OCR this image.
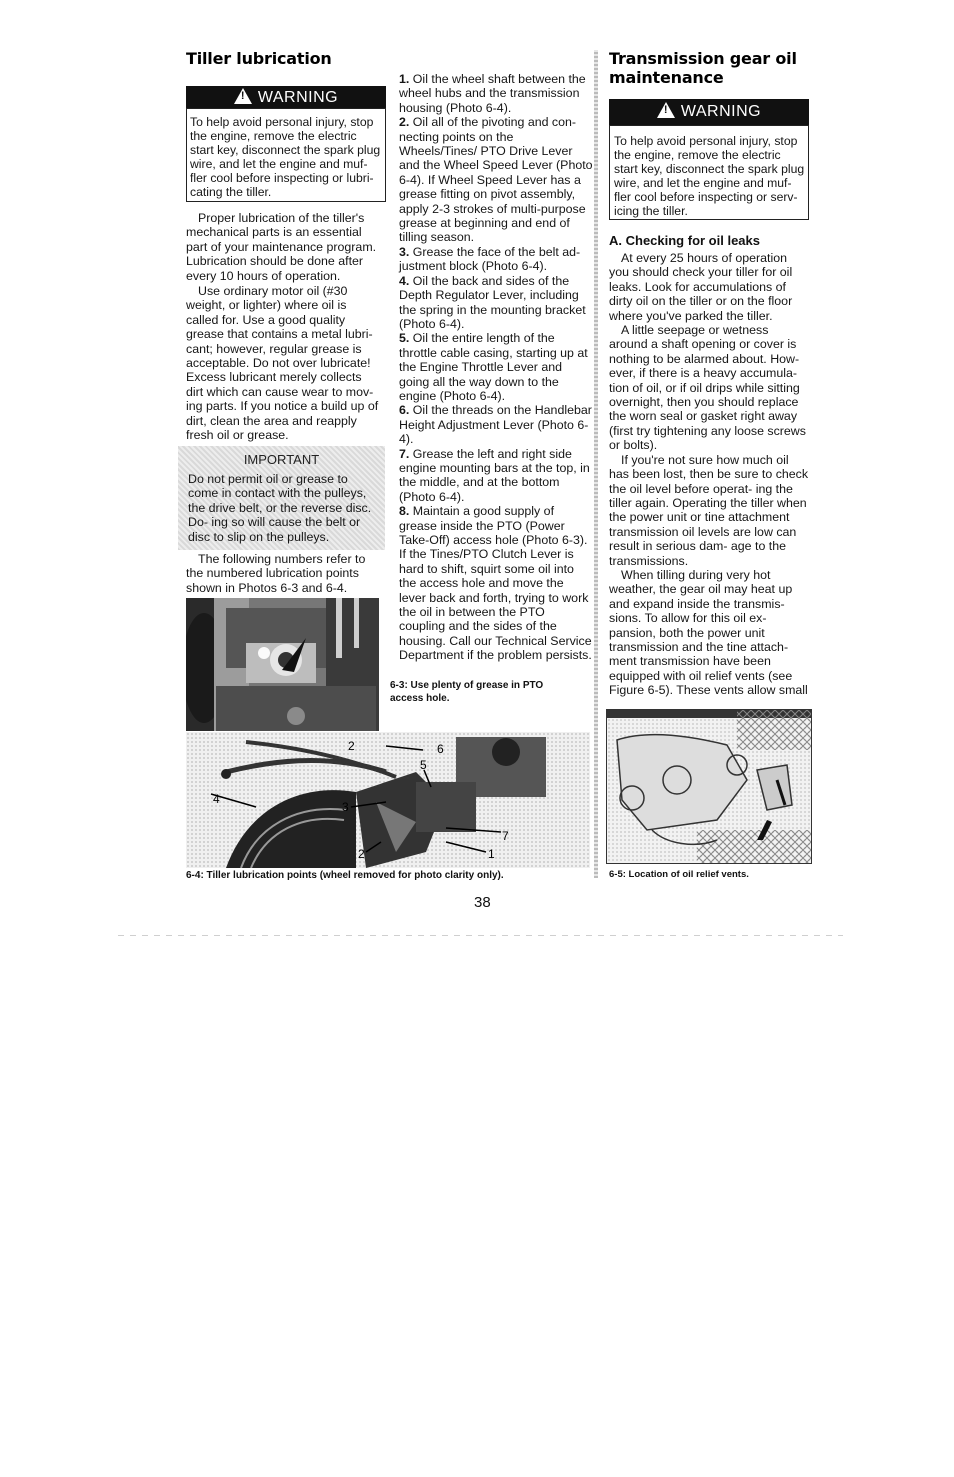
Tiller lubrication
!WARNING
To help avoid personal injury, stop the engine, remove the electric start key, disconnect the spark plug wire, and let the engine and muf- fler cool before inspecting or lubri- cating the tiller.

Proper lubrication of the tiller's mechanical parts is an essential part of your maintenance program. Lubrication should be done after every 10 hours of operation.

Use ordinary motor oil (#30 weight, or lighter) where oil is called for. Use a good quality grease that contains a metal lubri- cant; however, regular grease is acceptable. Do not over lubricate! Excess lubricant merely collects dirt which can cause wear to mov- ing parts. If you notice a build up of dirt, clean the area and reapply fresh oil or grease.

IMPORTANT
Do not permit oil or grease to come in contact with the pulleys, the drive belt, or the reverse disc. Do- ing so will cause the belt or disc to slip on the pulleys.

The following numbers refer to the numbered lubrication points shown in Photos 6-3 and 6-4.

1. Oil the wheel shaft between the wheel hubs and the transmission housing (Photo 6-4).

2. Oil all of the pivoting and con- necting points on the Wheels/Tines/ PTO Drive Lever and the Wheel Speed Lever (Photo 6-4). If Wheel Speed Lever has a grease fitting on pivot assembly, apply 2-3 strokes of multi-purpose grease at beginning and end of tilling season.

3. Grease the face of the belt ad- justment block (Photo 6-4).

4. Oil the back and sides of the Depth Regulator Lever, including the spring in the mounting bracket (Photo 6-4).

5. Oil the entire length of the throttle cable casing, starting up at the Engine Throttle Lever and going all the way down to the engine (Photo 6-4).

6. Oil the threads on the Handlebar Height Adjustment Lever (Photo 6-4).

7. Grease the left and right side engine mounting bars at the top, in the middle, and at the bottom (Photo 6-4).

8. Maintain a good supply of grease inside the PTO (Power Take-Off) access hole (Photo 6-3). If the Tines/PTO Clutch Lever is hard to shift, squirt some oil into the access hole and move the lever back and forth, trying to work the oil in between the PTO coupling and the sides of the housing. Call our Technical Service Department if the problem persists.

6-3: Use plenty of grease in PTO access hole.
2	6
5
4
3
7
2	1
6-4: Tiller lubrication points (wheel removed for photo clarity only).
Transmission gear oil
maintenance
!WARNING
To help avoid personal injury, stop the engine, remove the electric start key, disconnect the spark plug wire, and let the engine and muf- fler cool before inspecting or serv- icing the tiller.
A. Checking for oil leaks

At every 25 hours of operation you should check your tiller for oil leaks. Look for accumulations of dirty oil on the tiller or on the floor where you've parked the tiller.

A little seepage or wetness around a shaft opening or cover is nothing to be alarmed about. How- ever, if there is a heavy accumula- tion of oil, or if oil drips while sitting overnight, then you should replace the worn seal or gasket right away (first try tightening any loose screws or bolts).

If you're not sure how much oil has been lost, then be sure to check the oil level before operat- ing the tiller again. Operating the tiller when the power unit or tine attachment transmission oil levels are low can result in serious dam- age to the transmissions.

When tilling during very hot weather, the gear oil may heat up and expand inside the transmis- sions. To allow for this oil ex- pansion, both the power unit transmission and the tine attach- ment transmission have been equipped with oil relief vents (see Figure 6-5). These vents allow small

6-5: Location of oil relief vents.
38
